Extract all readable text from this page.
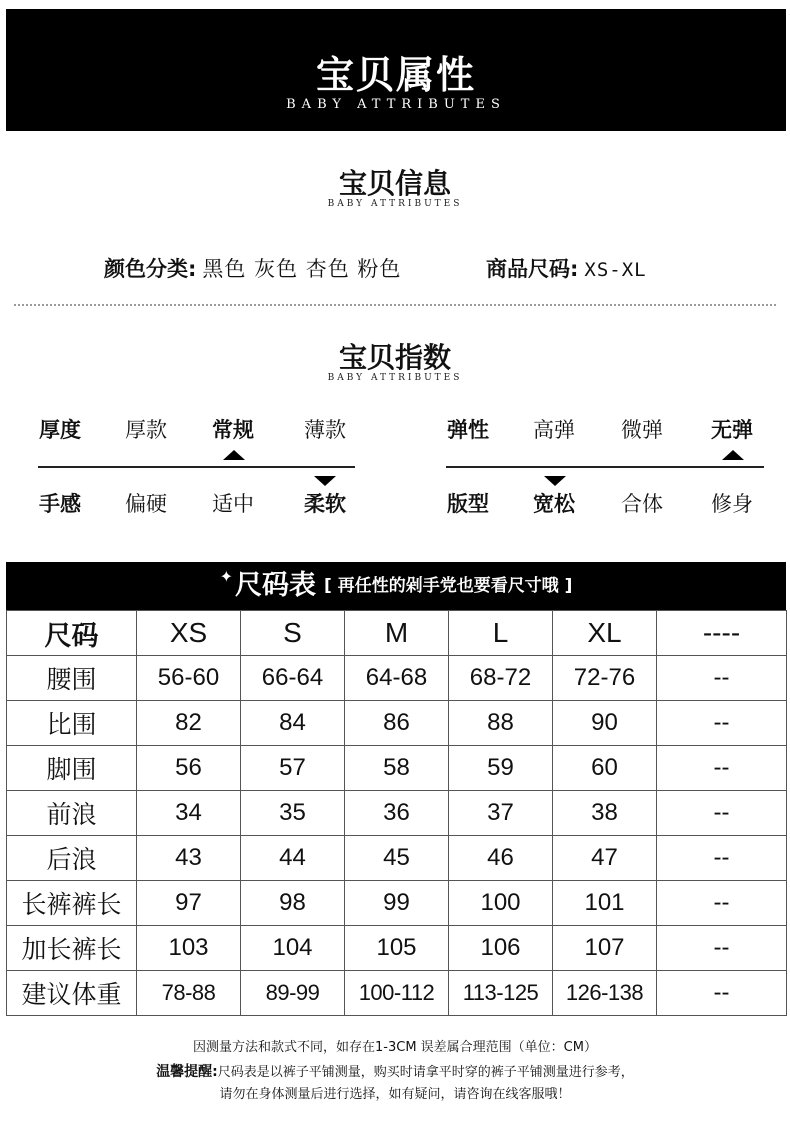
宝贝属性
BABY ATTRIBUTES
宝贝信息
BABY ATTRIBUTES
颜色分类: 黑色 灰色 杏色 粉色	商品尺码: XS-XL
宝贝指数
BABY ATTRIBUTES
厚度 厚款 常规 薄款
手感 偏硬 适中 柔软
弹性 高弹 微弹 无弹
版型 宽松 合体 修身
✦尺码表 [ 再任性的剁手党也要看尺寸哦 ]
尺码	XS	S	M	L	XL	----
腰围	56-60	66-64	64-68	68-72	72-76	--
比围	82	84	86	88	90	--
脚围	56	57	58	59	60	--
前浪	34	35	36	37	38	--
后浪	43	44	45	46	47	--
长裤裤长	97	98	99	100	101	--
加长裤长	103	104	105	106	107	--
建议体重	78-88	89-99	100-112	113-125	126-138	--
因测量方法和款式不同，如存在1-3CM 误差属合理范围（单位：CM）
温馨提醒:尺码表是以裤子平铺测量，购买时请拿平时穿的裤子平铺测量进行参考，
请勿在身体测量后进行选择，如有疑问，请咨询在线客服哦！
